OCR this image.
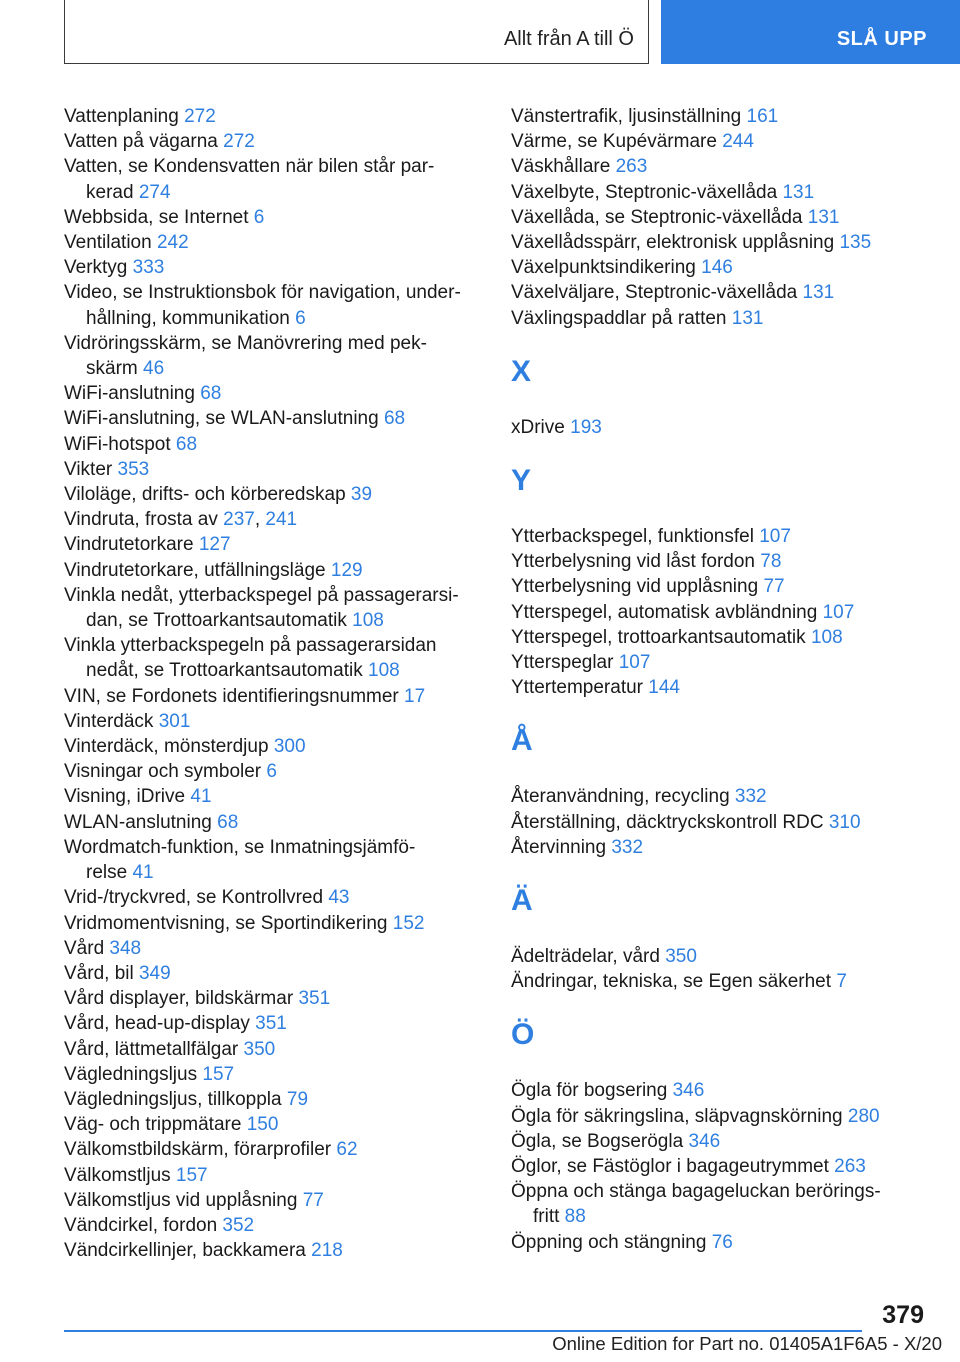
Allt från A till Ö	SLÅ UPP
Vattenplaning 272
Vatten på vägarna 272
Vatten, se Kondensvatten när bilen står par-
kerad 274
Webbsida, se Internet 6
Ventilation 242
Verktyg 333
Video, se Instruktionsbok för navigation, under-
hållning, kommunikation 6
Vidröringsskärm, se Manövrering med pek-
skärm 46
WiFi-anslutning 68
WiFi-anslutning, se WLAN-anslutning 68
WiFi-hotspot 68
Vikter 353
Viloläge, drifts- och körberedskap 39
Vindruta, frosta av 237, 241
Vindrutetorkare 127
Vindrutetorkare, utfällningsläge 129
Vinkla nedåt, ytterbackspegel på passagerarsi-
dan, se Trottoarkantsautomatik 108
Vinkla ytterbackspegeln på passagerarsidan
nedåt, se Trottoarkantsautomatik 108
VIN, se Fordonets identifieringsnummer 17
Vinterdäck 301
Vinterdäck, mönsterdjup 300
Visningar och symboler 6
Visning, iDrive 41
WLAN-anslutning 68
Wordmatch-funktion, se Inmatningsjämfö-
relse 41
Vrid-/tryckvred, se Kontrollvred 43
Vridmomentvisning, se Sportindikering 152
Vård 348
Vård, bil 349
Vård displayer, bildskärmar 351
Vård, head-up-display 351
Vård, lättmetallfälgar 350
Vägledningsljus 157
Vägledningsljus, tillkoppla 79
Väg- och trippmätare 150
Välkomstbildskärm, förarprofiler 62
Välkomstljus 157
Välkomstljus vid upplåsning 77
Vändcirkel, fordon 352
Vändcirkellinjer, backkamera 218
Vänstertrafik, ljusinställning 161
Värme, se Kupévärmare 244
Väskhållare 263
Växelbyte, Steptronic-växellåda 131
Växellåda, se Steptronic-växellåda 131
Växellådsspärr, elektronisk upplåsning 135
Växelpunktsindikering 146
Växelväljare, Steptronic-växellåda 131
Växlingspaddlar på ratten 131
X
xDrive 193
Y
Ytterbackspegel, funktionsfel 107
Ytterbelysning vid låst fordon 78
Ytterbelysning vid upplåsning 77
Ytterspegel, automatisk avbländning 107
Ytterspegel, trottoarkantsautomatik 108
Ytterspeglar 107
Yttertemperatur 144
Å
Återanvändning, recycling 332
Återställning, däcktryckskontroll RDC 310
Återvinning 332
Ä
Ädelträdelar, vård 350
Ändringar, tekniska, se Egen säkerhet 7
Ö
Ögla för bogsering 346
Ögla för säkringslina, släpvagnskörning 280
Ögla, se Bogserögla 346
Öglor, se Fästöglor i bagageutrymmet 263
Öppna och stänga bagageluckan berörings-
fritt 88
Öppning och stängning 76
379
Online Edition for Part no. 01405A1F6A5 - X/20
